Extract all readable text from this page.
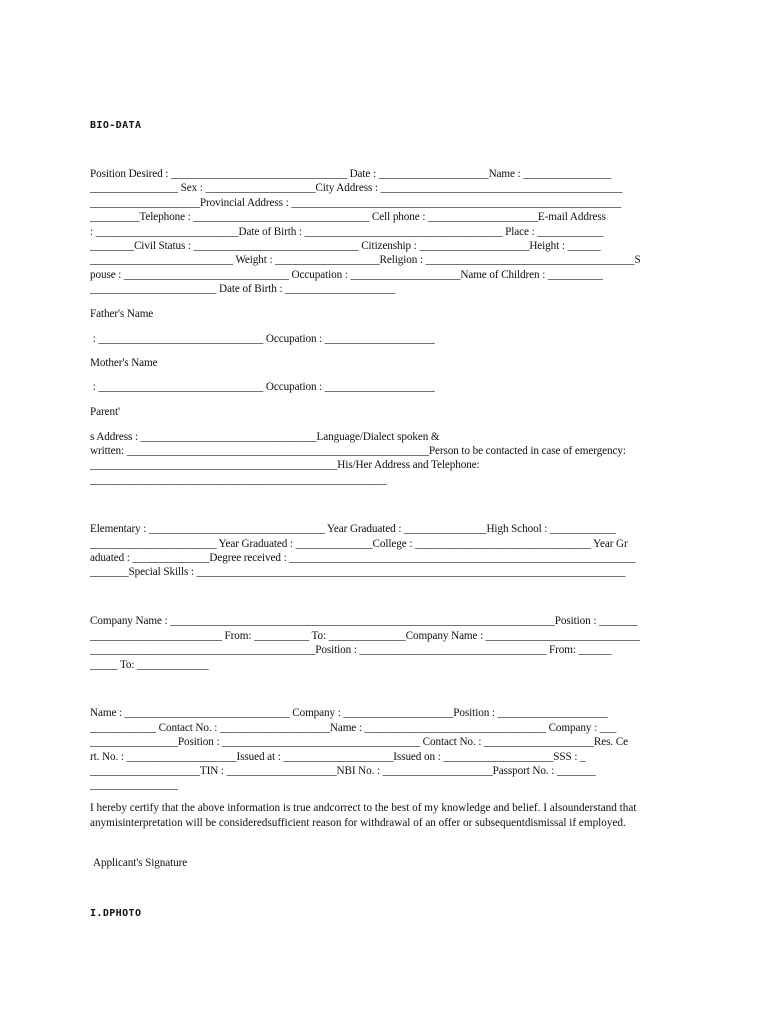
BIO-DATA
Position Desired : ________________________________ Date : ____________________Name : ________________
________________ Sex : ____________________City Address : ____________________________________________
____________________Provincial Address : ____________________________________________________________
_________Telephone : ________________________________ Cell phone : ____________________E-mail Address
: __________________________Date of Birth : ____________________________________ Place : ____________
________Civil Status : ______________________________ Citizenship : ____________________Height : ______
__________________________ Weight : ___________________Religion : ______________________________________S
pouse : ______________________________ Occupation : ____________________Name of Children : __________
_______________________ Date of Birth : ____________________
Father's Name
: ______________________________ Occupation : ____________________
Mother's Name
: ______________________________ Occupation : ____________________
Parent'
s Address : ________________________________Language/Dialect spoken &
written: _______________________________________________________Person to be contacted in case of emergency:
_____________________________________________His/Her Address and Telephone:
______________________________________________________
Elementary : ________________________________ Year Graduated : _______________High School : ____________
_______________________ Year Graduated : ______________College : ________________________________ Year Gr
aduated : ______________Degree received : _______________________________________________________________
_______Special Skills : ______________________________________________________________________________
Company Name : ______________________________________________________________________Position : _______
________________________ From: __________ To: ______________Company Name : ____________________________
_________________________________________Position : __________________________________ From: ______
_____ To: _____________
Name : ______________________________ Company : ____________________Position : ____________________
____________ Contact No. : ____________________Name : _________________________________ Company : ___
________________Position : ____________________________________ Contact No. : ____________________Res. Ce
rt. No. : ____________________Issued at : ____________________Issued on : ____________________SSS : _
____________________TIN : ____________________NBI No. : ____________________Passport No. : _______
________________

I hereby certify that the above information is true andcorrect to the best of my knowledge and belief. I alsounderstand that anymisinterpretation will be consideredsufficient reason for withdrawal of an offer or subsequentdismissal if employed.

Applicant's Signature
I.DPHOTO
